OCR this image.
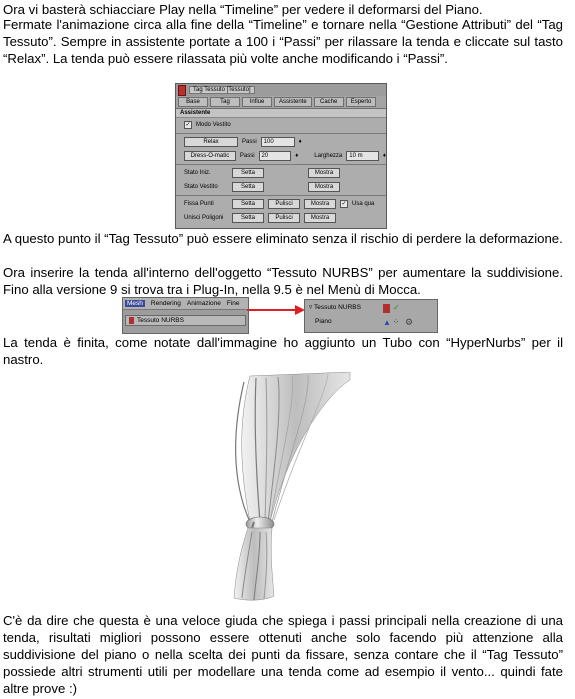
Ora vi basterà schiacciare Play nella “Timeline” per vedere il deformarsi del Piano.
Fermate l'animazione circa alla fine della “Timeline” e tornare nella “Gestione Attributi” del “Tag Tessuto”. Sempre in assistente portate a 100 i “Passi” per rilassare la tenda e cliccate sul tasto “Relax”. La tenda può essere rilassata più volte anche modificando i “Passi”.
Tag Tessuto [Tessuto]
Base	Tag	Influe	Assistente	Cache	Esperto
Assistente
✓ Modo Vestito
Relax	Passi	100	♦
Dress-O-matic	Passi	20	♦	Larghezza	10 m	♦
Stato Iniz.	Setta	Mostra
Stato Vestito	Setta	Mostra
Fissa Punti	Setta	Pulisci	Mostra	✓ Usa qua
Unisci Poligoni	Setta	Pulisci	Mostra
A questo punto il “Tag Tessuto” può essere eliminato senza il rischio di perdere la deformazione.
Ora inserire la tenda all'interno dell'oggetto “Tessuto NURBS” per aumentare la suddivisione. Fino alla versione 9 si trova tra i Plug-In, nella 9.5 è nel Menù di Mocca.
Mesh	Rendering Animazione Fine
Tessuto NURBS
▿ Tessuto NURBS
Piano
✓
▲ ⁘ ⚙
La tenda è finita, come notate dall'immagine ho aggiunto un Tubo con “HyperNurbs” per il nastro.
C'è da dire che questa è una veloce giuda che spiega i passi principali nella creazione di una tenda, risultati migliori possono essere ottenuti anche solo facendo più attenzione alla suddivisione del piano o nella scelta dei punti da fissare, senza contare che il “Tag Tessuto” possiede altri strumenti utili per modellare una tenda come ad esempio il vento... quindi fate altre prove :)
